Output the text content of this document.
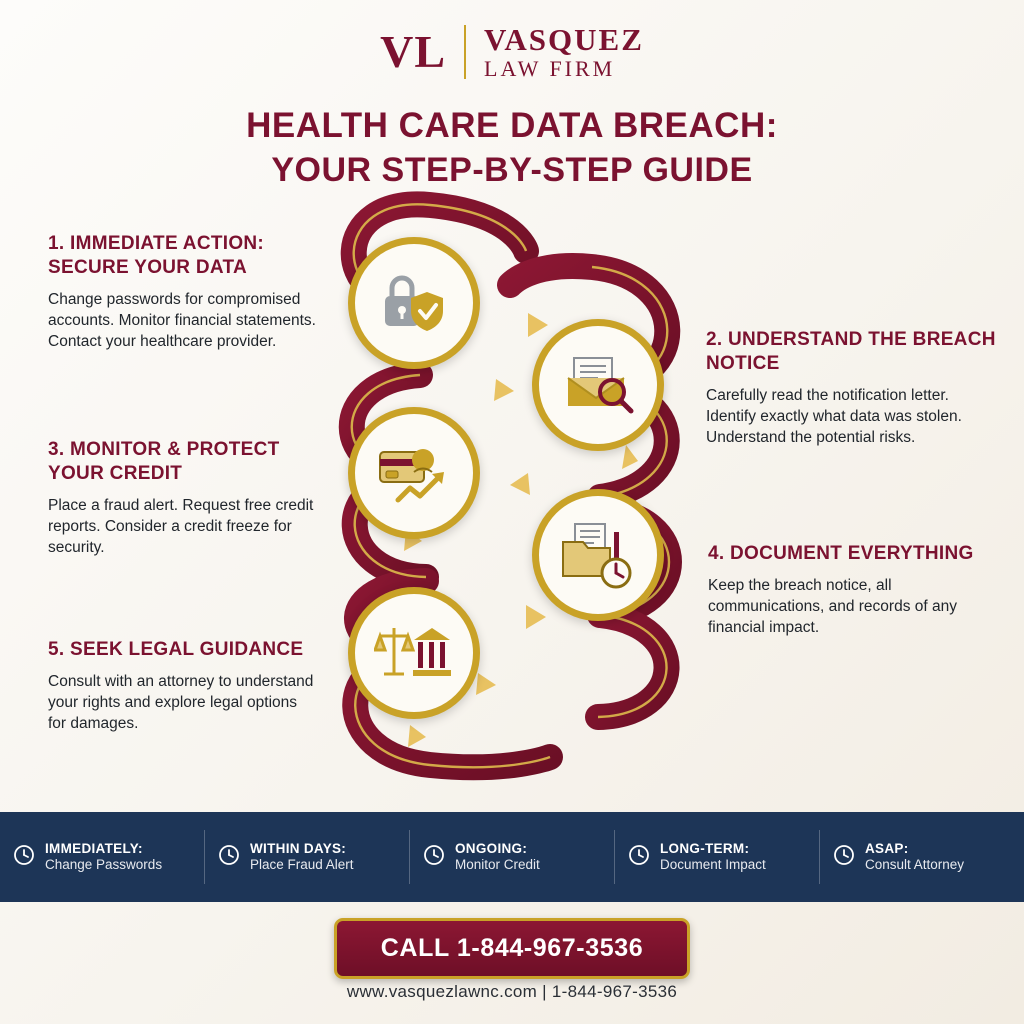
VL VASQUEZ
LAW FIRM
HEALTH CARE DATA BREACH:
YOUR STEP-BY-STEP GUIDE
1. IMMEDIATE ACTION: SECURE YOUR DATA

Change passwords for compromised accounts. Monitor financial statements. Contact your healthcare provider.	2. UNDERSTAND THE BREACH NOTICE

Carefully read the notification letter. Identify exactly what data was stolen. Understand the potential risks.

3. MONITOR & PROTECT YOUR CREDIT

Place a fraud alert. Request free credit reports. Consider a credit freeze for security.	4. DOCUMENT EVERYTHING

Keep the breach notice, all communications, and records of any financial impact.

5. SEEK LEGAL GUIDANCE

Consult with an attorney to understand your rights and explore legal options for damages.

IMMEDIATELY:
Change Passwords
WITHIN DAYS:
Place Fraud Alert
ONGOING:
Monitor Credit
LONG-TERM:
Document Impact
ASAP:
Consult Attorney
CALL 1-844-967-3536
www.vasquezlawnc.com | 1-844-967-3536
